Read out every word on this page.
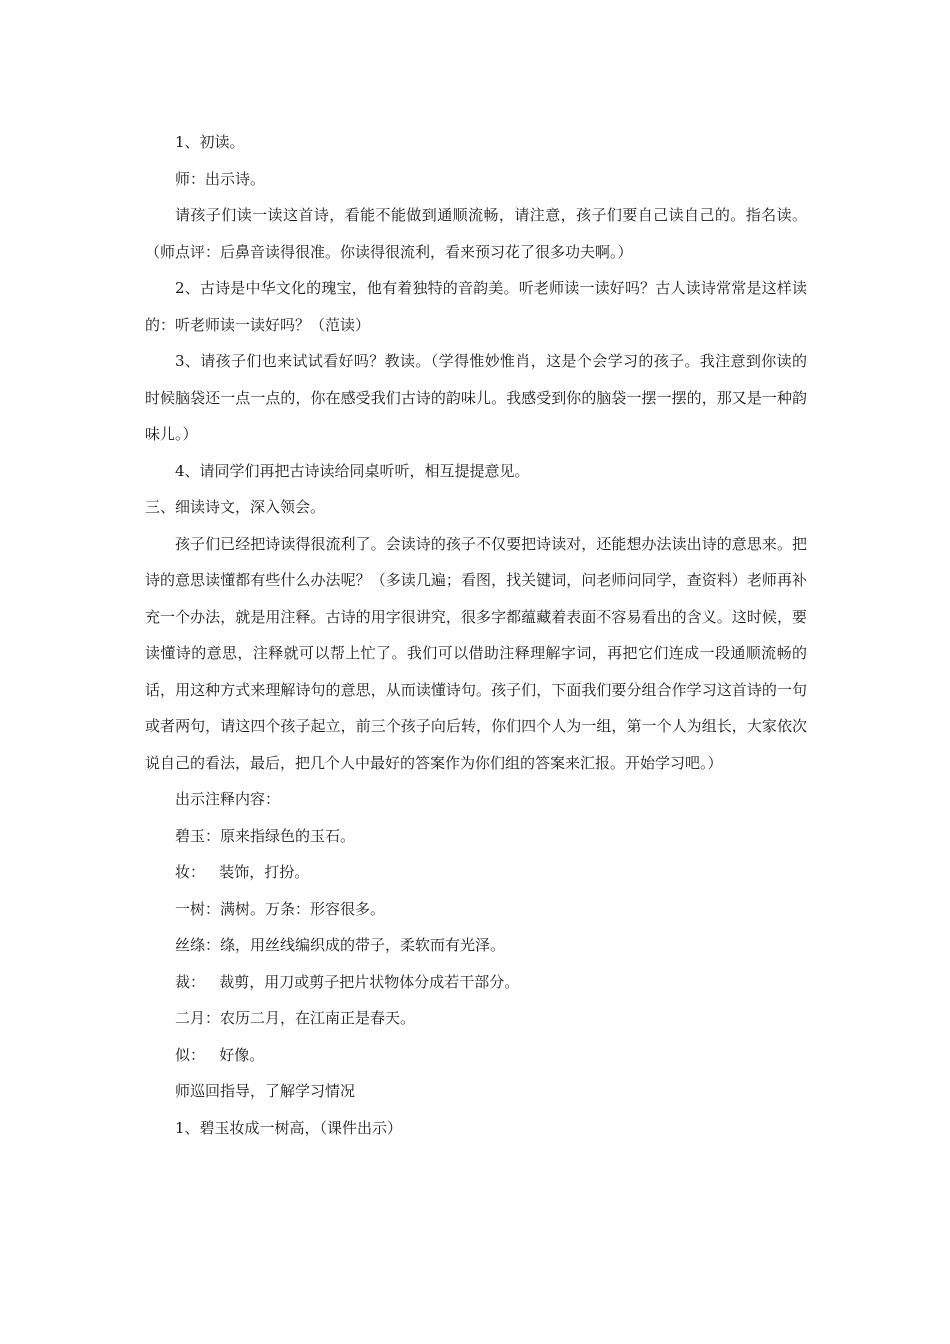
1、初读。

师：出示诗。

请孩子们读一读这首诗，看能不能做到通顺流畅，请注意，孩子们要自己读自己的。指名读。（师点评：后鼻音读得很准。你读得很流利，看来预习花了很多功夫啊。）

2、古诗是中华文化的瑰宝，他有着独特的音韵美。听老师读一读好吗？古人读诗常常是这样读的：听老师读一读好吗？（范读）

3、请孩子们也来试试看好吗？教读。（学得惟妙惟肖，这是个会学习的孩子。我注意到你读的时候脑袋还一点一点的，你在感受我们古诗的韵味儿。我感受到你的脑袋一摆一摆的，那又是一种韵味儿。）

4、请同学们再把古诗读给同桌听听，相互提提意见。

三、细读诗文，深入领会。

孩子们已经把诗读得很流利了。会读诗的孩子不仅要把诗读对，还能想办法读出诗的意思来。把诗的意思读懂都有些什么办法呢？（多读几遍；看图，找关键词，问老师问同学，查资料）老师再补充一个办法，就是用注释。古诗的用字很讲究，很多字都蕴藏着表面不容易看出的含义。这时候，要读懂诗的意思，注释就可以帮上忙了。我们可以借助注释理解字词，再把它们连成一段通顺流畅的话，用这种方式来理解诗句的意思，从而读懂诗句。孩子们，下面我们要分组合作学习这首诗的一句或者两句，请这四个孩子起立，前三个孩子向后转，你们四个人为一组，第一个人为组长，大家依次说自己的看法，最后，把几个人中最好的答案作为你们组的答案来汇报。开始学习吧。）

出示注释内容：

碧玉：原来指绿色的玉石。

妆：   装饰，打扮。

一树：满树。万条：形容很多。

丝绦：绦，用丝线编织成的带子，柔软而有光泽。

裁：   裁剪，用刀或剪子把片状物体分成若干部分。

二月：农历二月，在江南正是春天。

似：   好像。

师巡回指导，了解学习情况

1、碧玉妆成一树高，（课件出示）
